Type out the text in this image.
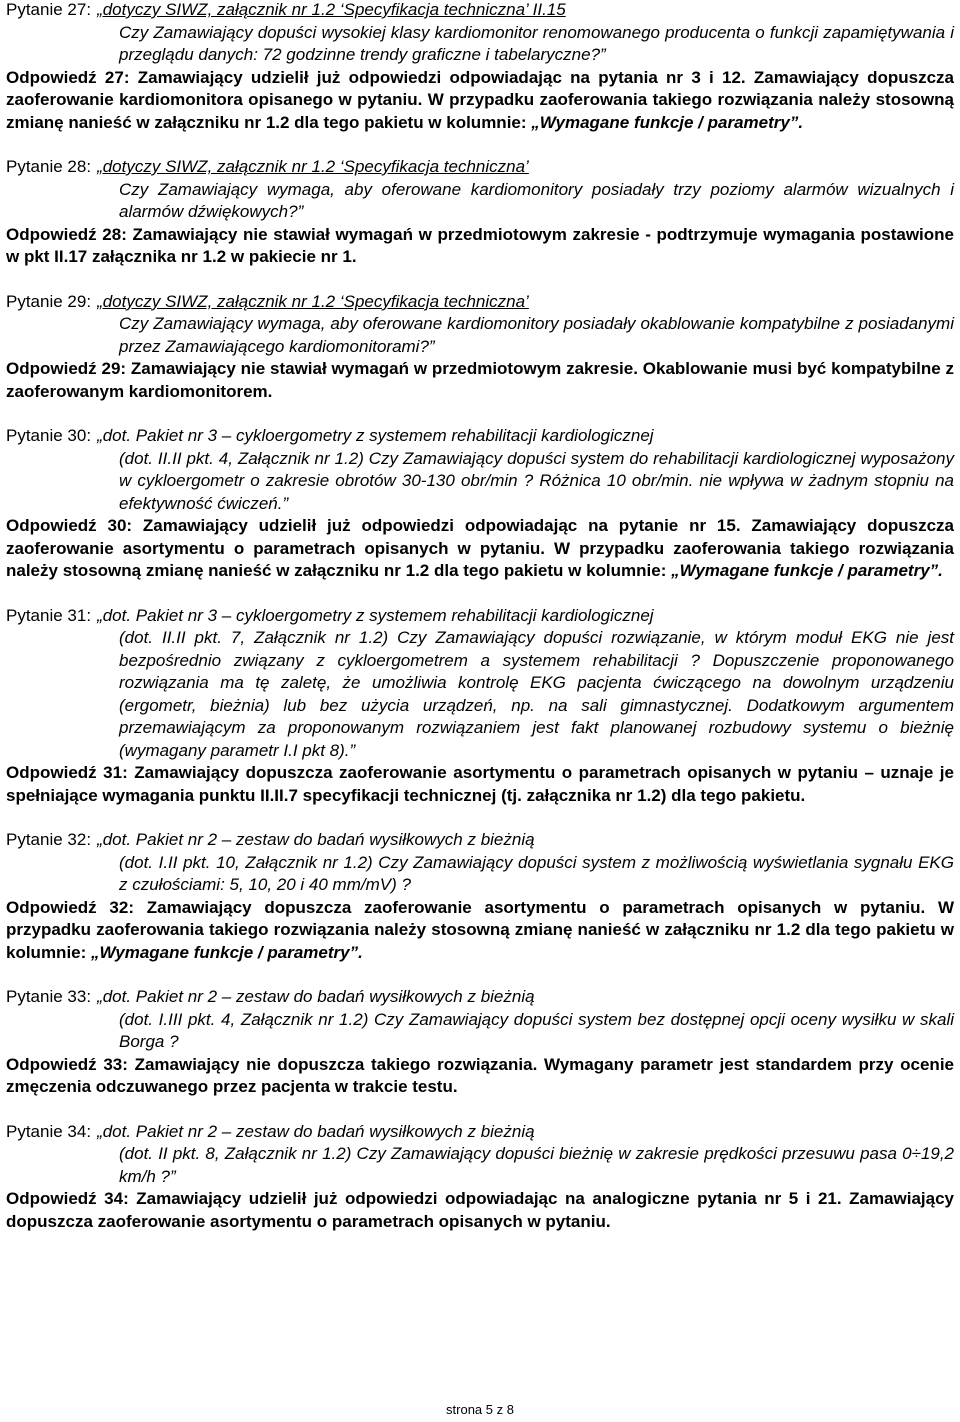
Pytanie 27: „dotyczy SIWZ, załącznik nr 1.2 ‘Specyfikacja techniczna’ II.15
Czy Zamawiający dopuści wysokiej klasy kardiomonitor renomowanego producenta o funkcji zapamiętywania i przeglądu danych: 72 godzinne trendy graficzne i tabelaryczne?”
Odpowiedź 27: Zamawiający udzielił już odpowiedzi odpowiadając na pytania nr 3 i 12. Zamawiający dopuszcza zaoferowanie kardiomonitora opisanego w pytaniu. W przypadku zaoferowania takiego rozwiązania należy stosowną zmianę nanieść w załączniku nr 1.2 dla tego pakietu w kolumnie: „Wymagane funkcje / parametry”.
Pytanie 28: „dotyczy SIWZ, załącznik nr 1.2 ‘Specyfikacja techniczna’
Czy Zamawiający wymaga, aby oferowane kardiomonitory posiadały trzy poziomy alarmów wizualnych i alarmów dźwiękowych?”
Odpowiedź 28: Zamawiający nie stawiał wymagań w przedmiotowym zakresie - podtrzymuje wymagania postawione w pkt II.17 załącznika nr 1.2 w pakiecie nr 1.
Pytanie 29: „dotyczy SIWZ, załącznik nr 1.2 ‘Specyfikacja techniczna’
Czy Zamawiający wymaga, aby oferowane kardiomonitory posiadały okablowanie kompatybilne z posiadanymi przez Zamawiającego kardiomonitorami?”
Odpowiedź 29: Zamawiający nie stawiał wymagań w przedmiotowym zakresie. Okablowanie musi być kompatybilne z zaoferowanym kardiomonitorem.
Pytanie 30: „dot. Pakiet nr 3 – cykloergometry z systemem rehabilitacji kardiologicznej
(dot. II.II pkt. 4, Załącznik nr 1.2) Czy Zamawiający dopuści system do rehabilitacji kardiologicznej wyposażony w cykloergometr o zakresie obrotów 30-130 obr/min ? Różnica 10 obr/min. nie wpływa w żadnym stopniu na efektywność ćwiczeń.”
Odpowiedź 30: Zamawiający udzielił już odpowiedzi odpowiadając na pytanie nr 15. Zamawiający dopuszcza zaoferowanie asortymentu o parametrach opisanych w pytaniu. W przypadku zaoferowania takiego rozwiązania należy stosowną zmianę nanieść w załączniku nr 1.2 dla tego pakietu w kolumnie: „Wymagane funkcje / parametry”.
Pytanie 31: „dot. Pakiet nr 3 – cykloergometry z systemem rehabilitacji kardiologicznej
(dot. II.II pkt. 7, Załącznik nr 1.2) Czy Zamawiający dopuści rozwiązanie, w którym moduł EKG nie jest bezpośrednio związany z cykloergometrem a systemem rehabilitacji ? Dopuszczenie proponowanego rozwiązania ma tę zaletę, że umożliwia kontrolę EKG pacjenta ćwiczącego na dowolnym urządzeniu (ergometr, bieżnia) lub bez użycia urządzeń, np. na sali gimnastycznej. Dodatkowym argumentem przemawiającym za proponowanym rozwiązaniem jest fakt planowanej rozbudowy systemu o bieżnię (wymagany parametr I.I pkt 8).”
Odpowiedź 31: Zamawiający dopuszcza zaoferowanie asortymentu o parametrach opisanych w pytaniu – uznaje je spełniające wymagania punktu II.II.7 specyfikacji technicznej (tj. załącznika nr 1.2) dla tego pakietu.
Pytanie 32: „dot. Pakiet nr 2 – zestaw do badań wysiłkowych z bieżnią
(dot. I.II pkt. 10, Załącznik nr 1.2) Czy Zamawiający dopuści system z możliwością wyświetlania sygnału EKG z czułościami: 5, 10, 20 i 40 mm/mV) ?
Odpowiedź 32: Zamawiający dopuszcza zaoferowanie asortymentu o parametrach opisanych w pytaniu. W przypadku zaoferowania takiego rozwiązania należy stosowną zmianę nanieść w załączniku nr 1.2 dla tego pakietu w kolumnie: „Wymagane funkcje / parametry”.
Pytanie 33: „dot. Pakiet nr 2 – zestaw do badań wysiłkowych z bieżnią
(dot. I.III pkt. 4, Załącznik nr 1.2) Czy Zamawiający dopuści system bez dostępnej opcji oceny wysiłku w skali Borga ?
Odpowiedź 33: Zamawiający nie dopuszcza takiego rozwiązania. Wymagany parametr jest standardem przy ocenie zmęczenia odczuwanego przez pacjenta w trakcie testu.
Pytanie 34: „dot. Pakiet nr 2 – zestaw do badań wysiłkowych z bieżnią
(dot. II pkt. 8, Załącznik nr 1.2) Czy Zamawiający dopuści bieżnię w zakresie prędkości przesuwu pasa 0÷19,2 km/h ?”
Odpowiedź 34: Zamawiający udzielił już odpowiedzi odpowiadając na analogiczne pytania nr 5 i 21. Zamawiający dopuszcza zaoferowanie asortymentu o parametrach opisanych w pytaniu.
strona 5 z 8
